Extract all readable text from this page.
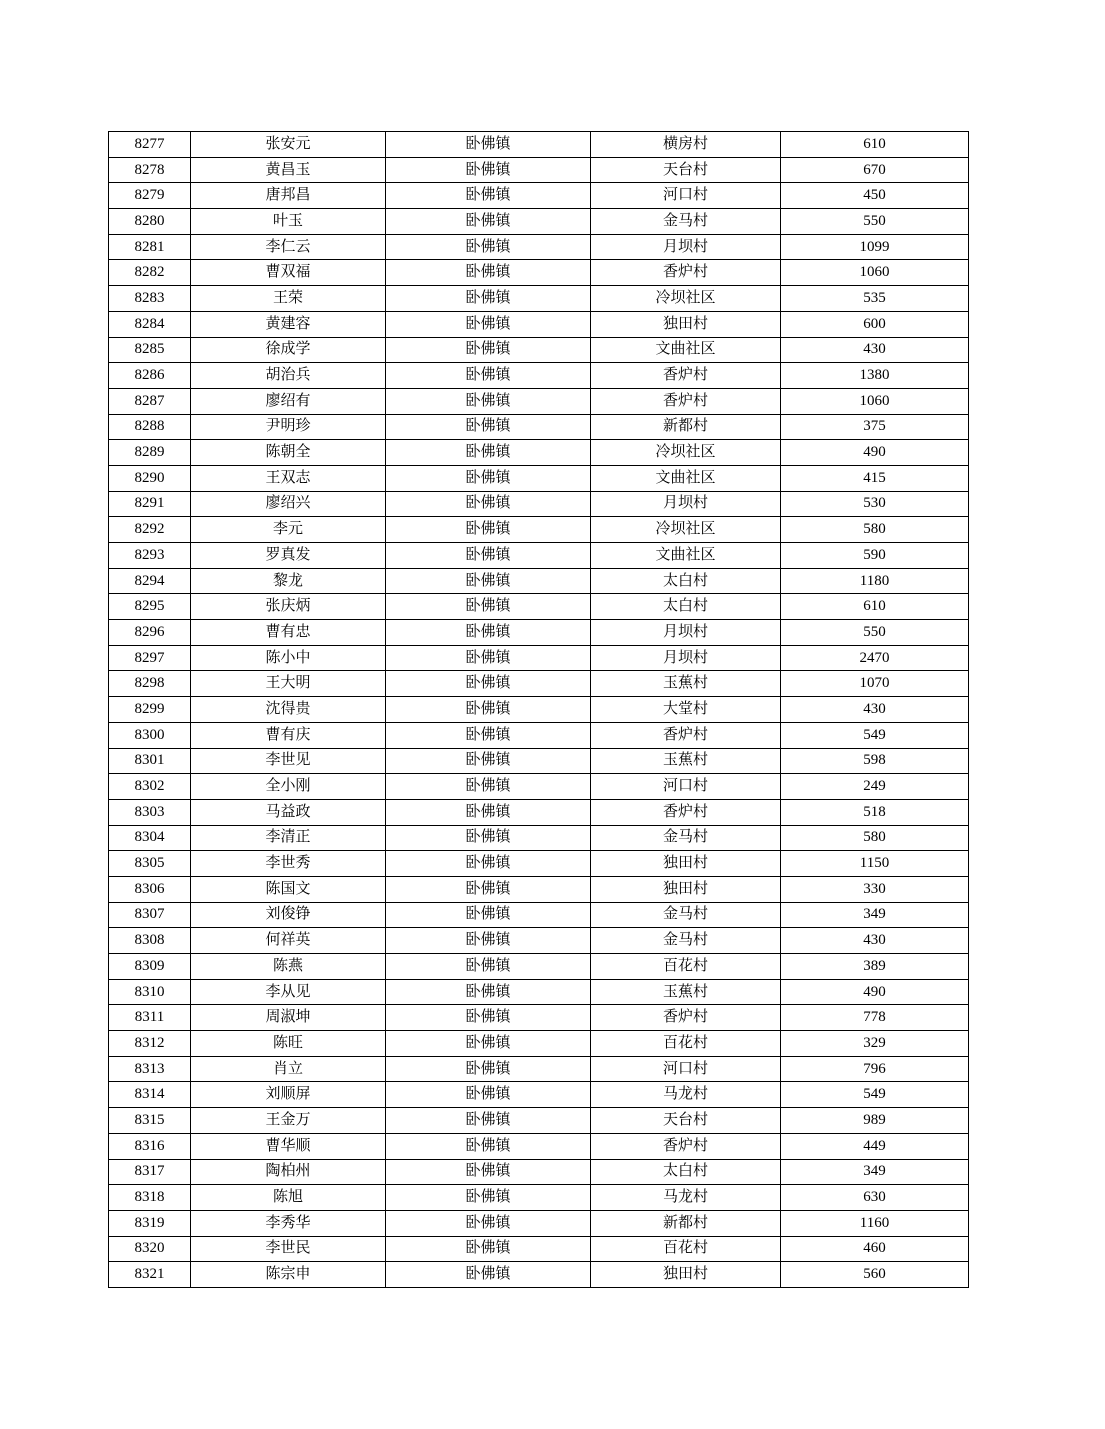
8277	张安元	卧佛镇	横房村	610
8278	黄昌玉	卧佛镇	天台村	670
8279	唐邦昌	卧佛镇	河口村	450
8280	叶玉	卧佛镇	金马村	550
8281	李仁云	卧佛镇	月坝村	1099
8282	曹双福	卧佛镇	香炉村	1060
8283	王荣	卧佛镇	冷坝社区	535
8284	黄建容	卧佛镇	独田村	600
8285	徐成学	卧佛镇	文曲社区	430
8286	胡治兵	卧佛镇	香炉村	1380
8287	廖绍有	卧佛镇	香炉村	1060
8288	尹明珍	卧佛镇	新都村	375
8289	陈朝全	卧佛镇	冷坝社区	490
8290	王双志	卧佛镇	文曲社区	415
8291	廖绍兴	卧佛镇	月坝村	530
8292	李元	卧佛镇	冷坝社区	580
8293	罗真发	卧佛镇	文曲社区	590
8294	黎龙	卧佛镇	太白村	1180
8295	张庆炳	卧佛镇	太白村	610
8296	曹有忠	卧佛镇	月坝村	550
8297	陈小中	卧佛镇	月坝村	2470
8298	王大明	卧佛镇	玉蕉村	1070
8299	沈得贵	卧佛镇	大堂村	430
8300	曹有庆	卧佛镇	香炉村	549
8301	李世见	卧佛镇	玉蕉村	598
8302	全小刚	卧佛镇	河口村	249
8303	马益政	卧佛镇	香炉村	518
8304	李清正	卧佛镇	金马村	580
8305	李世秀	卧佛镇	独田村	1150
8306	陈国文	卧佛镇	独田村	330
8307	刘俊铮	卧佛镇	金马村	349
8308	何祥英	卧佛镇	金马村	430
8309	陈燕	卧佛镇	百花村	389
8310	李从见	卧佛镇	玉蕉村	490
8311	周淑坤	卧佛镇	香炉村	778
8312	陈旺	卧佛镇	百花村	329
8313	肖立	卧佛镇	河口村	796
8314	刘顺屏	卧佛镇	马龙村	549
8315	王金万	卧佛镇	天台村	989
8316	曹华顺	卧佛镇	香炉村	449
8317	陶柏州	卧佛镇	太白村	349
8318	陈旭	卧佛镇	马龙村	630
8319	李秀华	卧佛镇	新都村	1160
8320	李世民	卧佛镇	百花村	460
8321	陈宗申	卧佛镇	独田村	560
